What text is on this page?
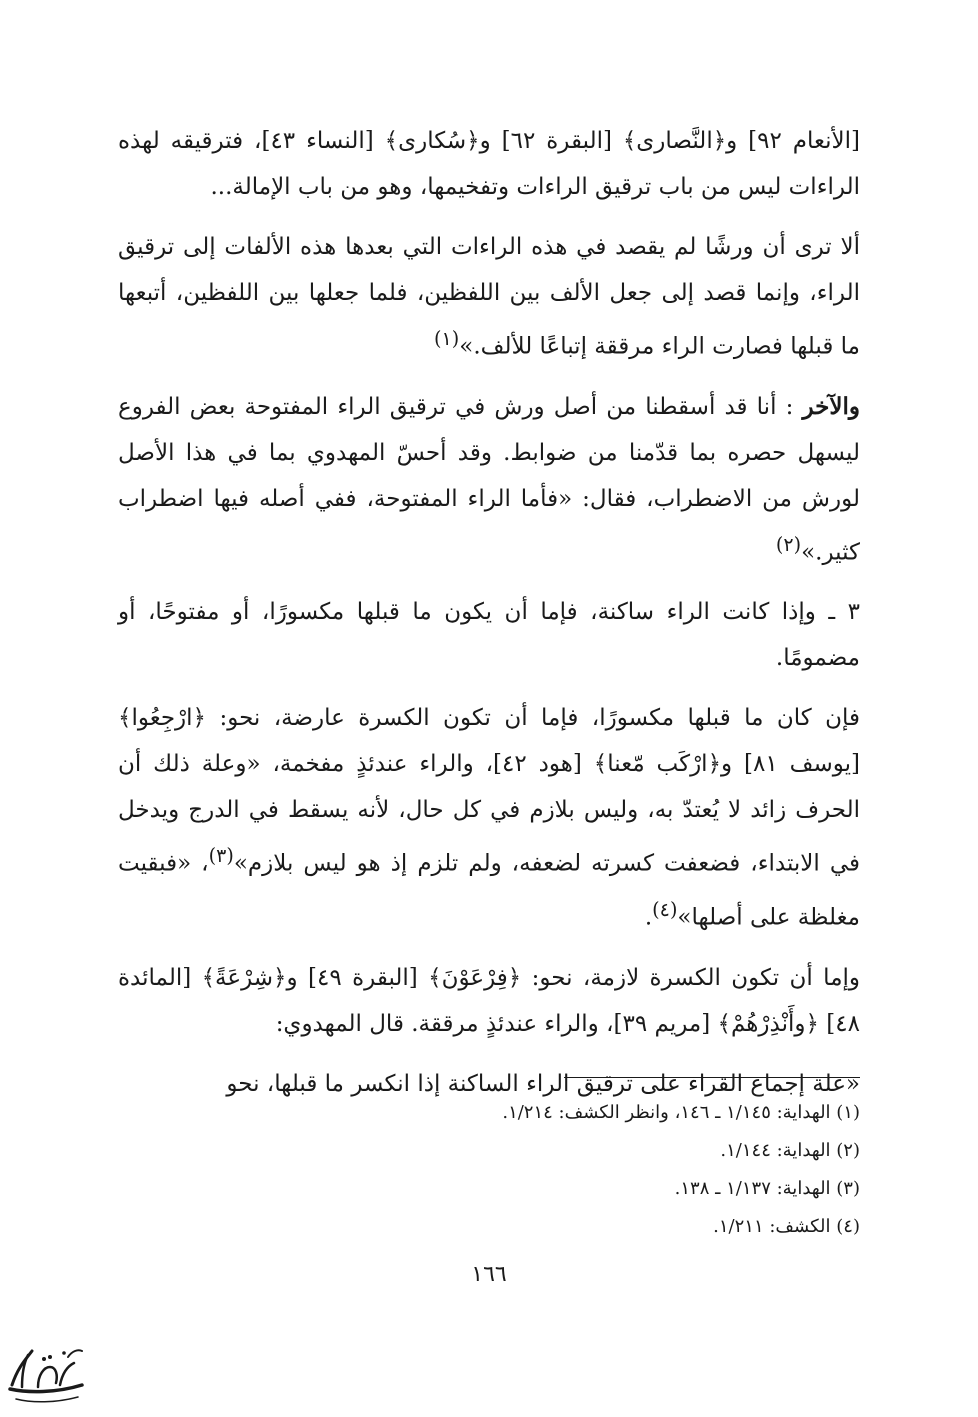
[الأنعام ٩٢] و﴿النَّصارى﴾ [البقرة ٦٢] و﴿سُكارى﴾ [النساء ٤٣]، فترقيقه لهذه الراءات ليس من باب ترقيق الراءات وتفخيمها، وهو من باب الإمالة...

ألا ترى أن ورشًا لم يقصد في هذه الراءات التي بعدها هذه الألفات إلى ترقيق الراء، وإنما قصد إلى جعل الألف بين اللفظين، فلما جعلها بين اللفظين، أتبعها ما قبلها فصارت الراء مرققة إتباعًا للألف.»$^{(١)}$

والآخر : أنا قد أسقطنا من أصل ورش في ترقيق الراء المفتوحة بعض الفروع ليسهل حصره بما قدّمنا من ضوابط. وقد أحسّ المهدوي بما في هذا الأصل لورش من الاضطراب، فقال: «فأما الراء المفتوحة، ففي أصله فيها اضطراب كثير.»$^{(٢)}$

٣ ـ وإذا كانت الراء ساكنة، فإما أن يكون ما قبلها مكسورًا، أو مفتوحًا، أو مضمومًا.

فإن كان ما قبلها مكسورًا، فإما أن تكون الكسرة عارضة، نحو: ﴿ارْجِعُوا﴾ [يوسف ٨١] و﴿ارْكَب مّعنا﴾ [هود ٤٢]، والراء عندئذٍ مفخمة، «وعلة ذلك أن الحرف زائد لا يُعتدّ به، وليس بلازم في كل حال، لأنه يسقط في الدرج ويدخل في الابتداء، فضعفت كسرته لضعفه، ولم تلزم إذ هو ليس بلازم»$^{(٣)}$، «فبقيت مغلظة على أصلها»$^{(٤)}$.

وإما أن تكون الكسرة لازمة، نحو: ﴿فِرْعَوْنَ﴾ [البقرة ٤٩] و﴿شِرْعَةً﴾ [المائدة ٤٨] ﴿وأَنْذِرْهُمْ﴾ [مريم ٣٩]، والراء عندئذٍ مرققة. قال المهدوي:

«علة إجماع القراء على ترقيق الراء الساكنة إذا انكسر ما قبلها، نحو

(١) الهداية: ١/١٤٥ ـ ١٤٦، وانظر الكشف: ١/٢١٤.

(٢) الهداية: ١/١٤٤.

(٣) الهداية: ١/١٣٧ ـ ١٣٨.

(٤) الكشف: ١/٢١١.

١٦٦
